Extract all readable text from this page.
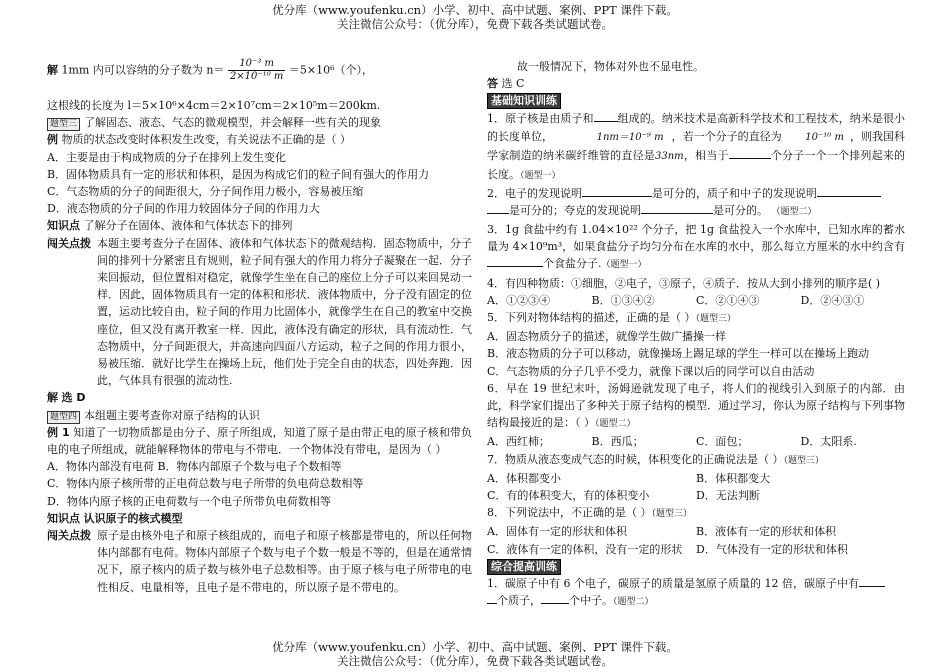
优分库（www.youfenku.cn）小学、初中、高中试题、案例、PPT 课件下载。
关注微信公众号：（优分库），免费下载各类试题试卷。

解 1mm 内可以容纳的分子数为 $n= \frac{\text{10⁻³ m}}{\text{2×10⁻¹⁰ m}} =5\times 10^6$（个），

这根线的长度为 l＝5×10⁶×4cm＝2×10⁷cm＝2×10⁵m＝200km.

题型三 了解固态、液态、气态的微观模型，并会解释一些有关的现象

例 物质的状态改变时体积发生改变，有关说法不正确的是（ ）

A．主要是由于构成物质的分子在排列上发生变化

B．固体物质具有一定的形状和体积，是因为构成它们的粒子间有强大的作用力

C．气态物质的分子的间距很大，分子间作用力极小，容易被压缩

D．液态物质的分子间的作用力较固体分子间的作用力大

知识点 了解分子在固体、液体和气体状态下的排列

闯关点拨 本题主要考查分子在固体、液体和气体状态下的微观结构．固态物质中，分子间的排列十分紧密且有规则，粒子间有强大的作用力将分子凝聚在一起．分子来回振动，但位置相对稳定，就像学生坐在自己的座位上分子可以来回晃动一样．因此，固体物质具有一定的体积和形状．液体物质中，分子没有固定的位置，运动比较自由，粒子间的作用力比固体小，就像学生在自己的教室中交换座位，但又没有离开教室一样．因此，液体没有确定的形状，具有流动性．气态物质中，分子间距很大，并高速向四面八方运动，粒子之间的作用力很小，易被压缩．就好比学生在操场上玩，他们处于完全自由的状态，四处奔跑．因此，气体具有很强的流动性.

解 选 D

题型四 本组题主要考查你对原子结构的认识

例 1 知道了一切物质都是由分子、原子所组成，知道了原子是由带正电的原子核和带负电的电子所组成，就能解释物体的带电与不带电．一个物体没有带电，是因为（ ）

A．物体内部没有电荷 B．物体内部原子个数与电子个数相等

C．物体内原子核所带的正电荷总数与电子所带的负电荷总数相等

D．物体内原子核的正电荷数与一个电子所带负电荷数相等

知识点 认识原子的核式模型

闯关点拨 原子是由核外电子和原子核组成的，而电子和原子核都是带电的，所以任何物体内部都有电荷。物体内部原子个数与电子个数一般是不等的，但是在通常情况下，原子核内的质子数与核外电子总数相等。由于原子核与电子所带电的电性相反、电量相等，且电子是不带电的，所以原子是不带电的。

故一般情况下，物体对外也不显电性。

答 选 C

基础知识训练

1．原子核是由质子和 组成的。纳米技术是高新科学技术和工程技术，纳米是很小的长度单位，	1nm＝10⁻⁹ m ，若一个分子的直径为 10⁻¹⁰ m ，则我国科学家制造的纳米碳纤维管的直径是33nm，相当于	个分子一个一个排列起来的长度。（题型一）

2．电子的发现说明	是可分的，质子和中子的发现说明
是可分的；夸克的发现说明	是可分的。 （题型二）

3．1g 食盐中约有 1.04×10²² 个分子，把 1g 食盐投入一个水库中，已知水库的蓄水量为 4×10⁹m³，如果食盐分子均匀分布在水库的水中，那么每立方厘米的水中约含有个食盐分子.（题型一）

4．有四种物质：①细胞，②电子，③原子，④质子．按从大到小排列的顺序是( )

A．①②③④	B．①③④②	C．②①④③	D．②④③①

5．下列对物体结构的描述，正确的是（ ）（题型三）

A．固态物质分子的描述，就像学生做广播操一样

B．液态物质的分子可以移动，就像操场上踢足球的学生一样可以在操场上跑动

C．气态物质的分子几乎不受力，就像下课以后的同学可以自由活动

6．早在 19 世纪末叶，汤姆逊就发现了电子，将人们的视线引入到原子的内部．由此，科学家们提出了多种关于原子结构的模型．通过学习，你认为原子结构与下列事物结构最接近的是：（ ）（题型二）

A．西红柿；	B．西瓜；	C．面包；	D．太阳系.

7．物质从液态变成气态的时候，体积变化的正确说法是（ ）（题型三）

A．体积都变小	B．体积都变大
C．有的体积变大，有的体积变小	D．无法判断

8．下列说法中，不正确的是（ ）（题型三）

A．固体有一定的形状和体积	B．液体有一定的形状和体积
C．液体有一定的体积，没有一定的形状	D．气体没有一定的形状和体积
综合提高训练

1．碳原子中有 6 个电子，碳原子的质量是氢原子质量的 12 倍，碳原子中有
个质子，	个中子。（题型二）

优分库（www.youfenku.cn）小学、初中、高中试题、案例、PPT 课件下载。
关注微信公众号：（优分库），免费下载各类试题试卷。
